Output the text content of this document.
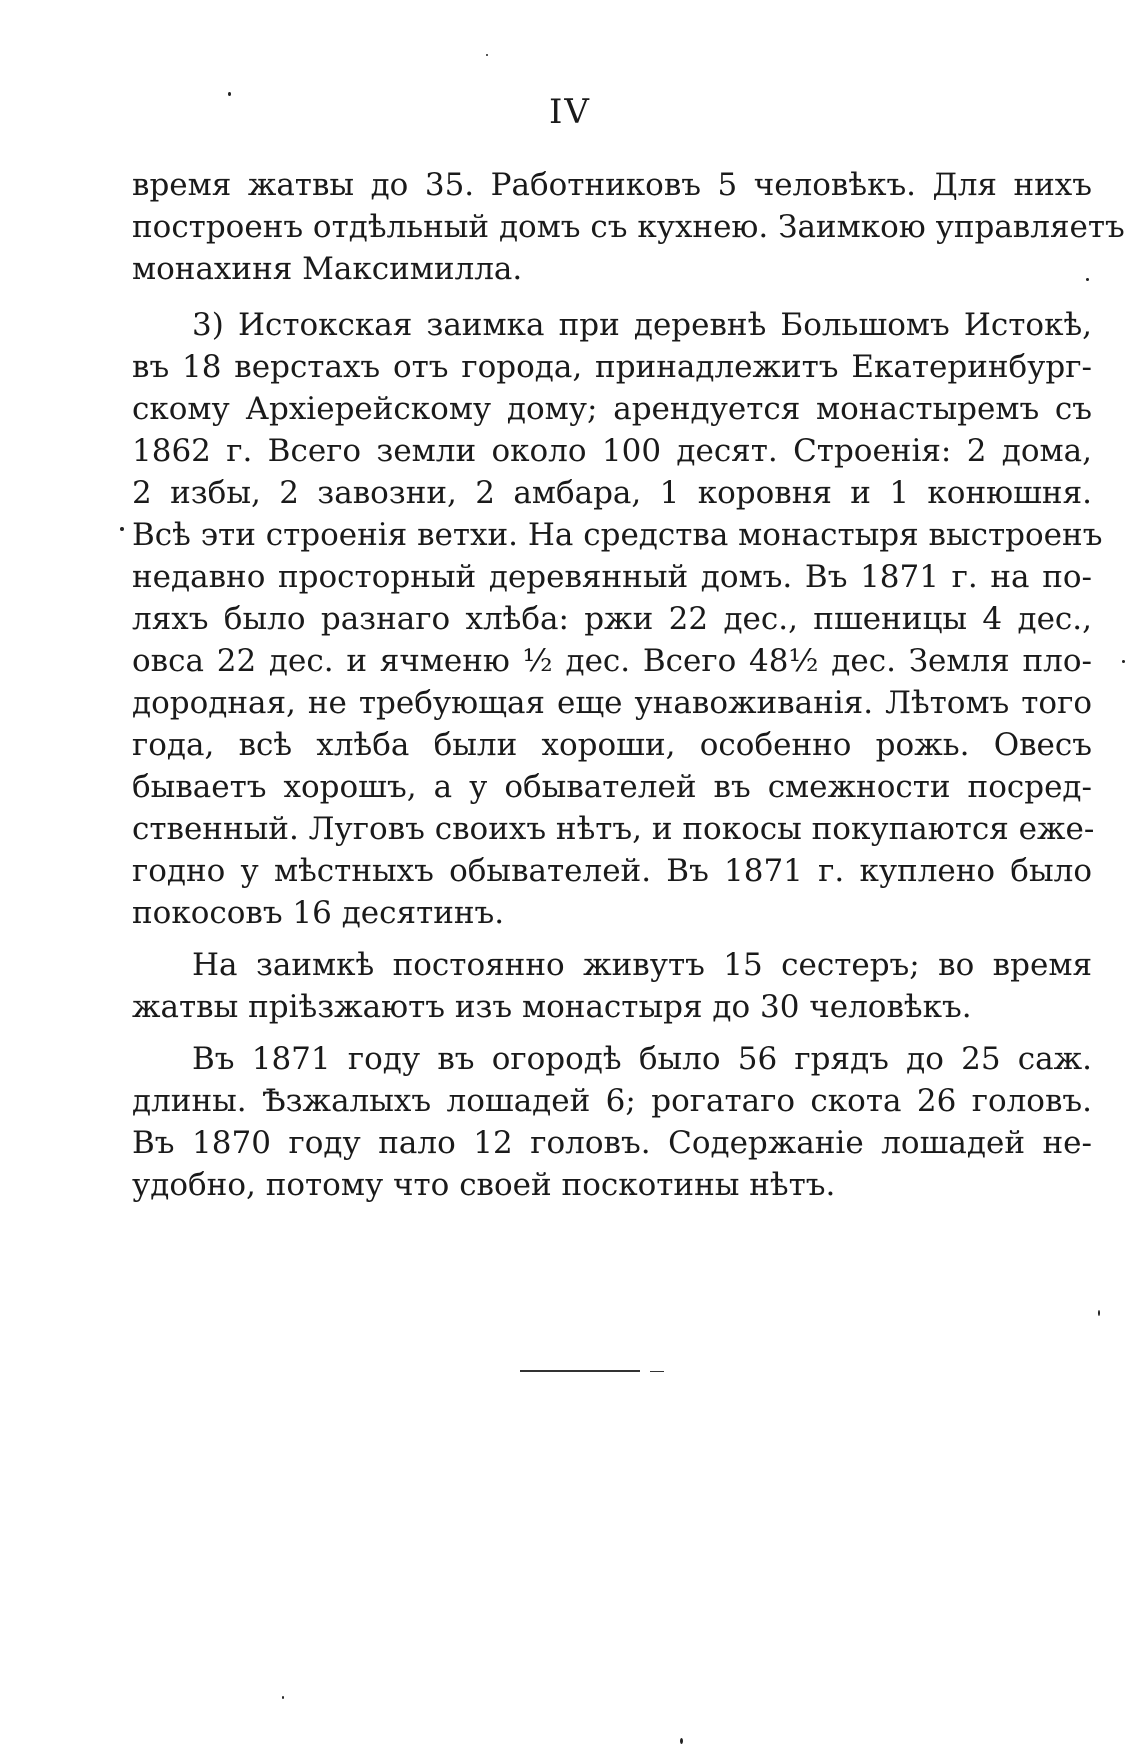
IV
время жатвы до 35. Работниковъ 5 человѣкъ. Для нихъ
построенъ отдѣльный домъ съ кухнею. Заимкою управляетъ
монахиня Максимилла.
3) Истокская заимка при деревнѣ Большомъ Истокѣ,
въ 18 верстахъ отъ города, принадлежитъ Екатеринбург-
скому Архіерейскому дому; арендуется монастыремъ съ
1862 г. Всего земли около 100 десят. Строенія: 2 дома,
2 избы, 2 завозни, 2 амбара, 1 коровня и 1 конюшня.
Всѣ эти строенія ветхи. На средства монастыря выстроенъ
недавно просторный деревянный домъ. Въ 1871 г. на по-
ляхъ было разнаго хлѣба: ржи 22 дес., пшеницы 4 дес.,
овса 22 дес. и ячменю ½ дес. Всего 48½ дес. Земля пло-
дородная, не требующая еще унавоживанія. Лѣтомъ того
года, всѣ хлѣба были хороши, особенно рожь. Овесъ
бываетъ хорошъ, а у обывателей въ смежности посред-
ственный. Луговъ своихъ нѣтъ, и покосы покупаются еже-
годно у мѣстныхъ обывателей. Въ 1871 г. куплено было
покосовъ 16 десятинъ.
На заимкѣ постоянно живутъ 15 сестеръ; во время
жатвы пріѣзжаютъ изъ монастыря до 30 человѣкъ.
Въ 1871 году въ огородѣ было 56 грядъ до 25 саж.
длины. Ѣзжалыхъ лошадей 6; рогатаго скота 26 головъ.
Въ 1870 году пало 12 головъ. Содержаніе лошадей не-
удобно, потому что своей поскотины нѣтъ.
